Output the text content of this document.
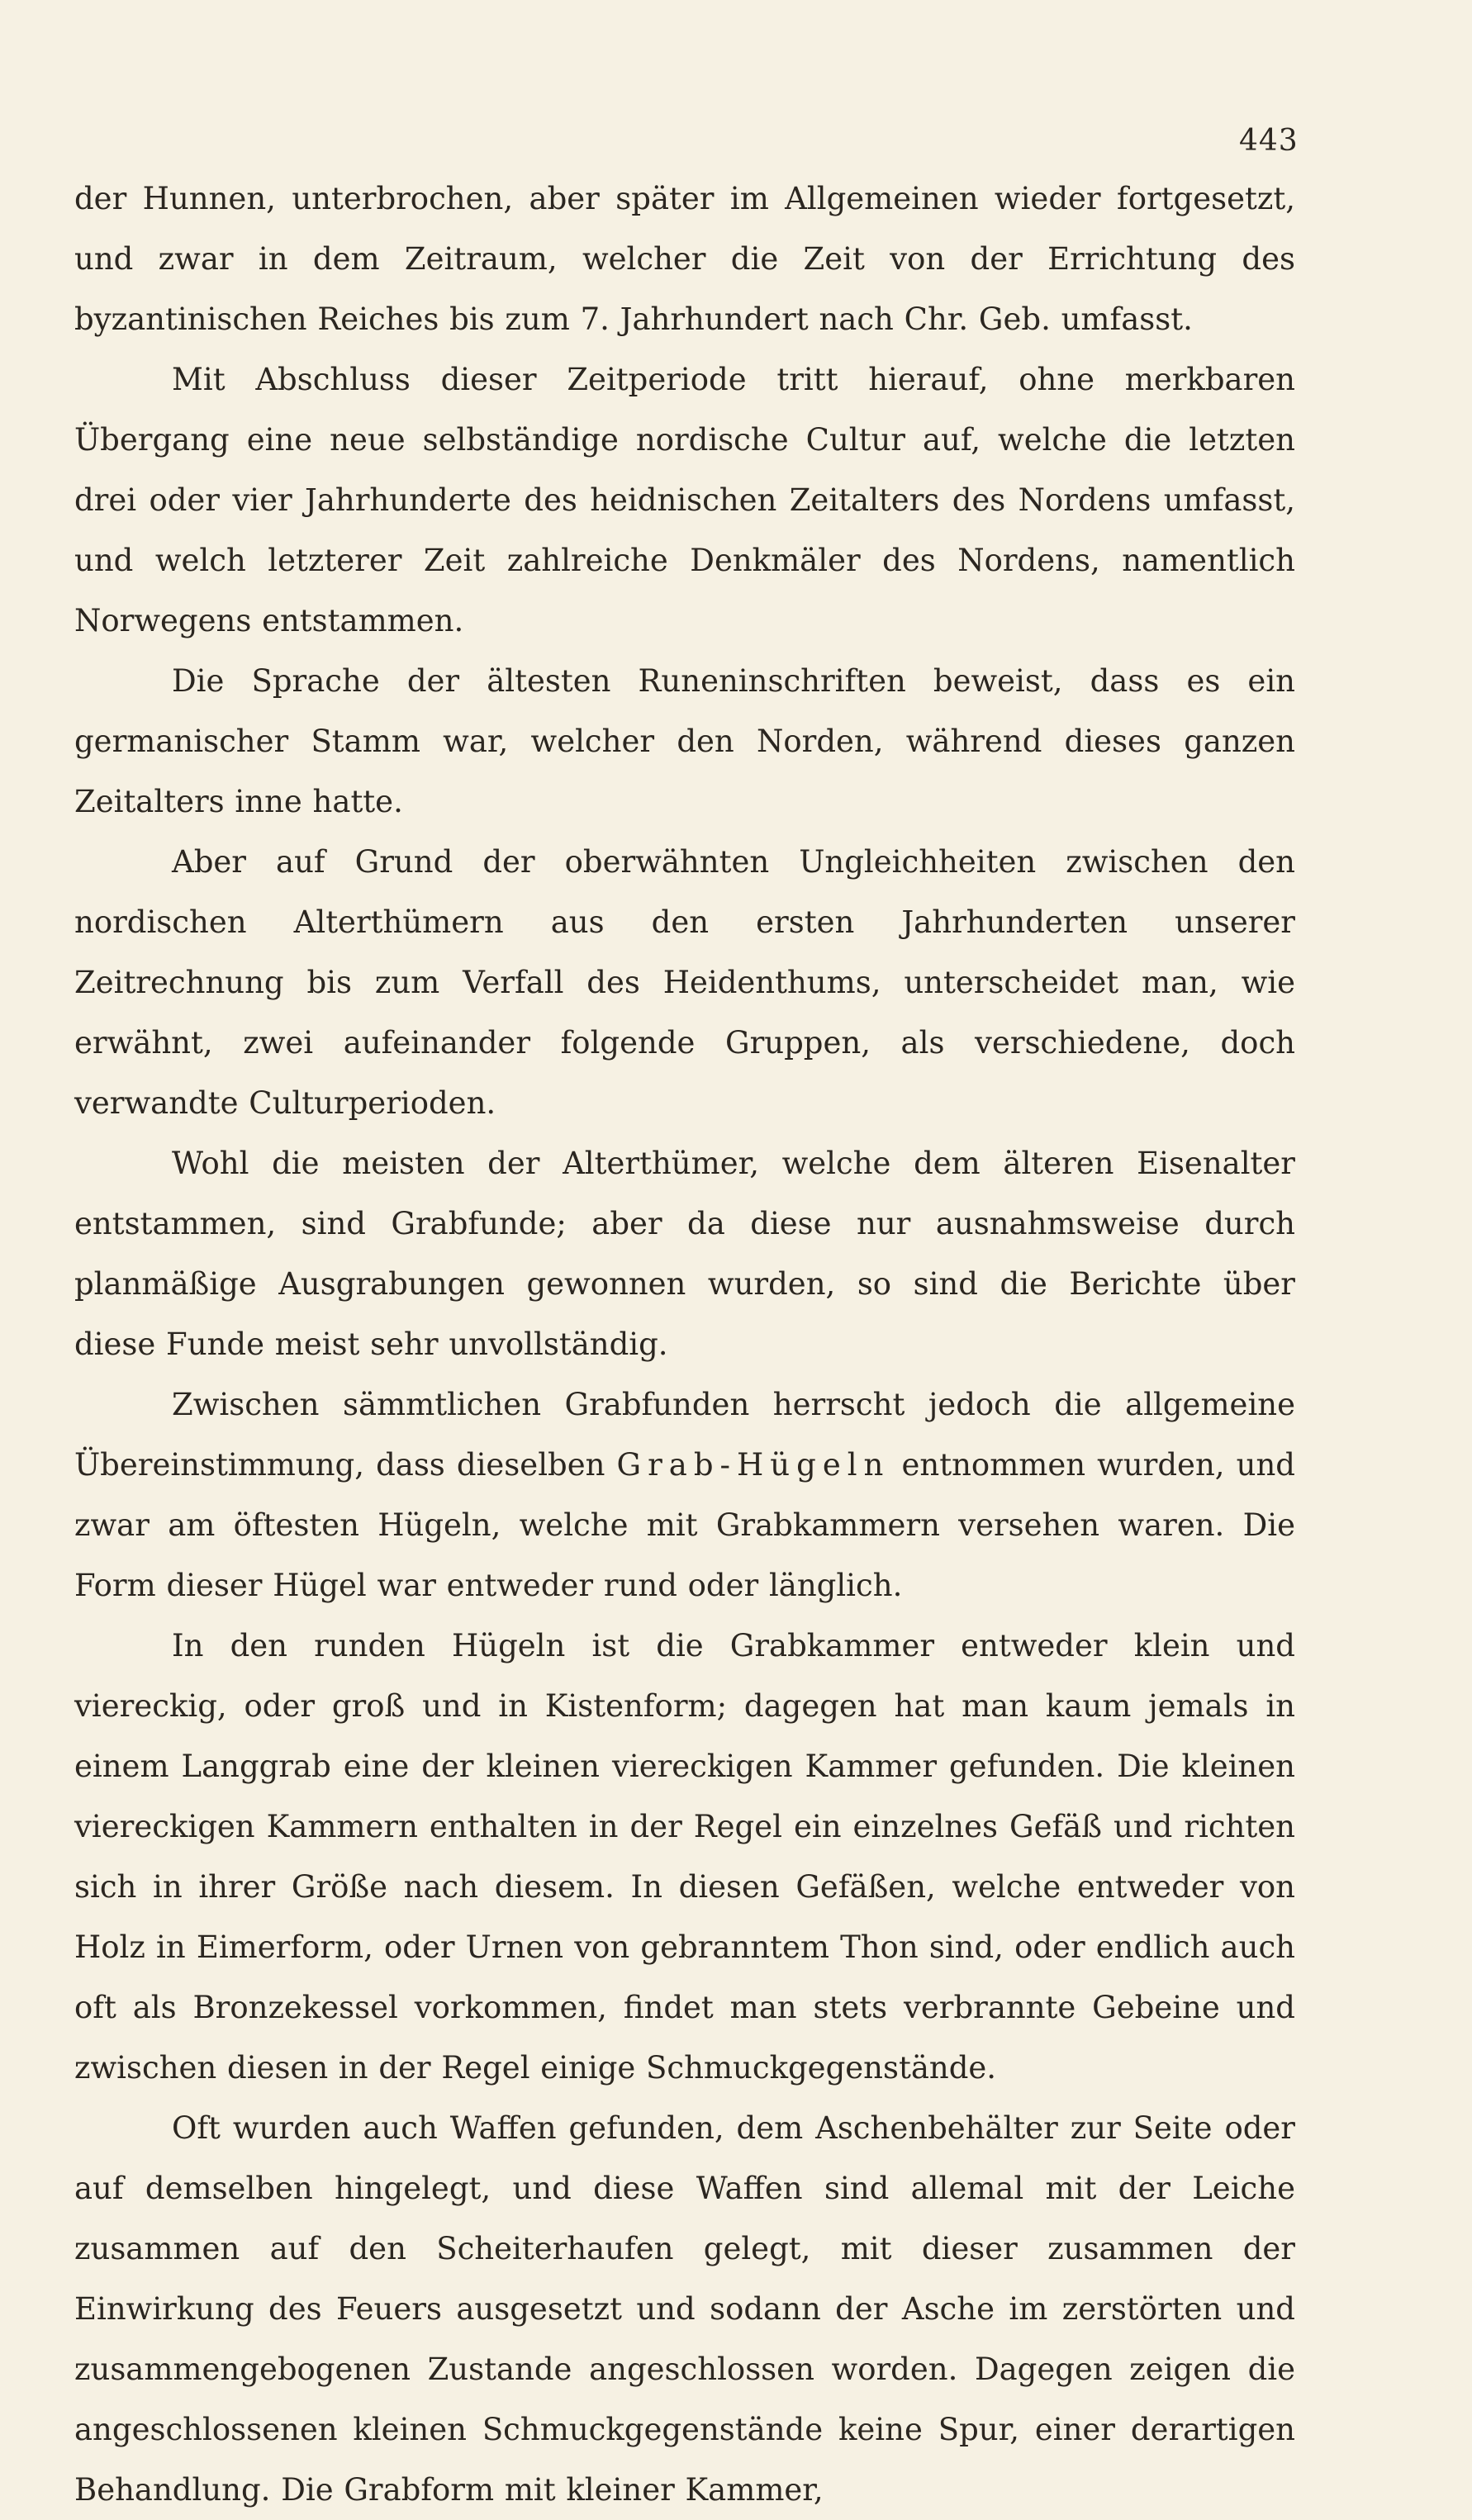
443

der Hunnen, unterbrochen, aber später im Allgemeinen wieder fortgesetzt, und zwar in dem Zeitraum, welcher die Zeit von der Errichtung des byzantinischen Reiches bis zum 7. Jahrhundert nach Chr. Geb. umfasst.

Mit Abschluss dieser Zeitperiode tritt hierauf, ohne merkbaren Übergang eine neue selbständige nordische Cultur auf, welche die letzten drei oder vier Jahrhunderte des heidnischen Zeitalters des Nordens umfasst, und welch letzterer Zeit zahlreiche Denkmäler des Nordens, namentlich Norwegens entstammen.

Die Sprache der ältesten Runeninschriften beweist, dass es ein germanischer Stamm war, welcher den Norden, während dieses ganzen Zeitalters inne hatte.

Aber auf Grund der oberwähnten Ungleichheiten zwischen den nordischen Alterthümern aus den ersten Jahrhunderten unserer Zeitrechnung bis zum Verfall des Heidenthums, unterscheidet man, wie erwähnt, zwei aufeinander folgende Gruppen, als verschiedene, doch verwandte Culturperioden.

Wohl die meisten der Alterthümer, welche dem älteren Eisenalter entstammen, sind Grabfunde; aber da diese nur ausnahmsweise durch planmäßige Ausgrabungen gewonnen wurden, so sind die Berichte über diese Funde meist sehr unvollständig.

Zwischen sämmtlichen Grabfunden herrscht jedoch die allgemeine Übereinstimmung, dass dieselben Grab-Hügeln entnommen wurden, und zwar am öftesten Hügeln, welche mit Grabkammern versehen waren. Die Form dieser Hügel war entweder rund oder länglich.

In den runden Hügeln ist die Grabkammer entweder klein und viereckig, oder groß und in Kistenform; dagegen hat man kaum jemals in einem Langgrab eine der kleinen viereckigen Kammer gefunden. Die kleinen viereckigen Kammern enthalten in der Regel ein einzelnes Gefäß und richten sich in ihrer Größe nach diesem. In diesen Gefäßen, welche entweder von Holz in Eimerform, oder Urnen von gebranntem Thon sind, oder endlich auch oft als Bronzekessel vorkommen, findet man stets verbrannte Gebeine und zwischen diesen in der Regel einige Schmuckgegenstände.

Oft wurden auch Waffen gefunden, dem Aschenbehälter zur Seite oder auf demselben hingelegt, und diese Waffen sind allemal mit der Leiche zusammen auf den Scheiterhaufen gelegt, mit dieser zusammen der Einwirkung des Feuers ausgesetzt und sodann der Asche im zerstörten und zusammengebogenen Zustande angeschlossen worden. Dagegen zeigen die angeschlossenen kleinen Schmuckgegenstände keine Spur, einer derartigen Behandlung. Die Grabform mit kleiner Kammer,
